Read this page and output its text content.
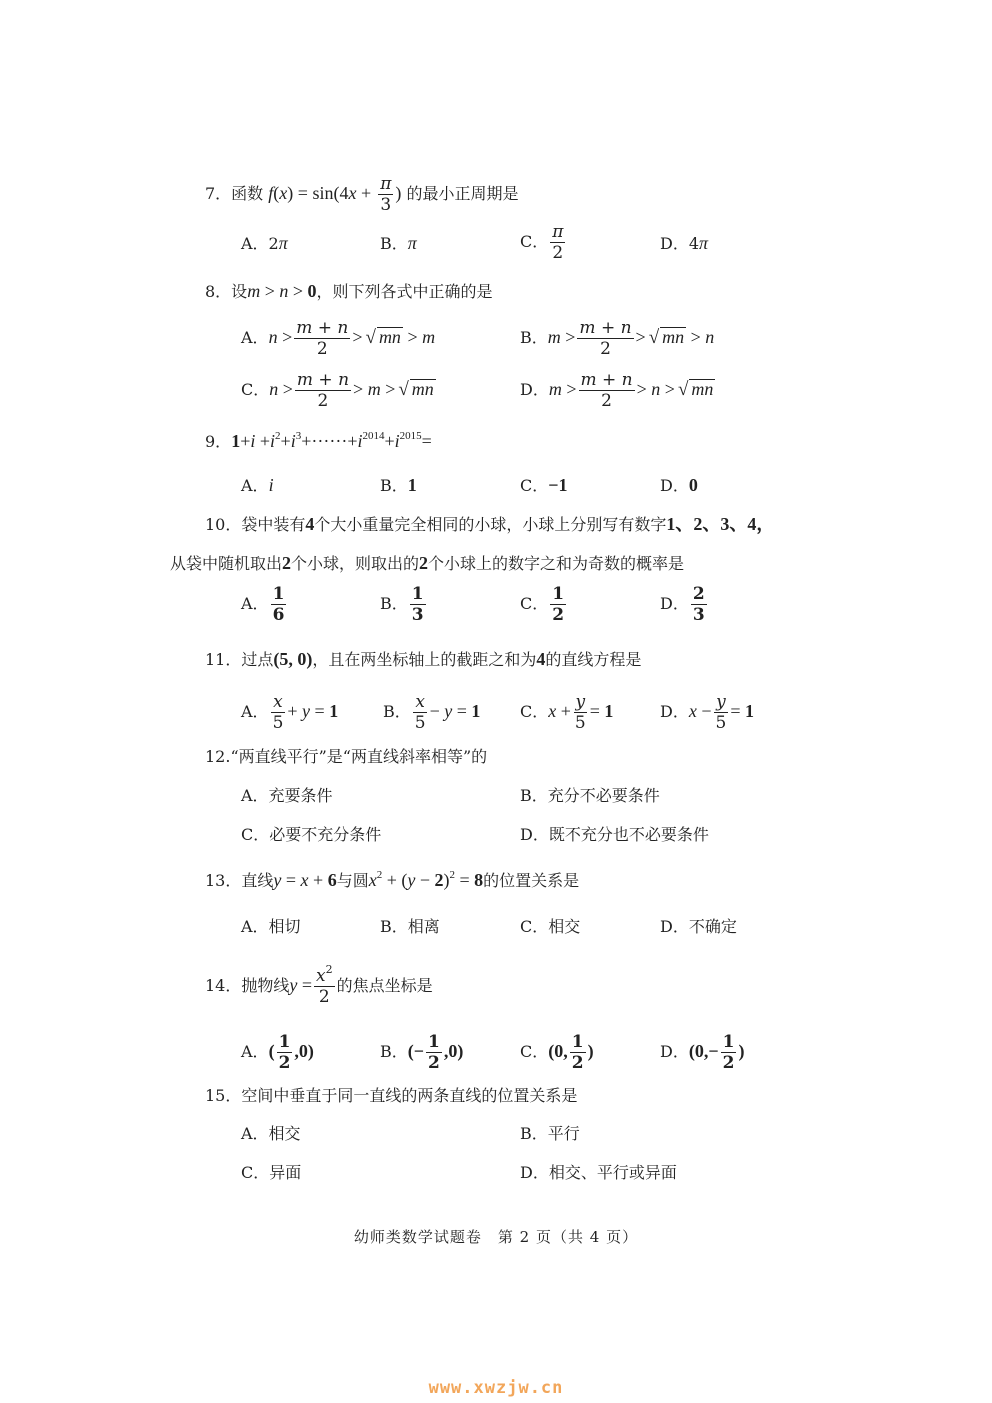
7．函数 $f(x) = \sin(4x + \frac{\pi}{3}$ ) 的最小正周期是
A．2π	B．π	C． $\frac{\pi}{2}$	D．4π
8．设m > n > 0，则下列各式中正确的是
A．$n > \frac{m + n}{2}$ > √ mn > m	B．$m > \frac{m + n}{2}$ > √ mn > n
C．$n > \frac{m + n}{2} > m$ > √ mn	D．$m > \frac{m + n}{2} > n$ > √ mn
9．$1+i +i^2+i^3+\cdot\cdot\cdot\cdot\cdot\cdot+i^{2014}+i^{2015}=$
A．i	B．1	C．−1	D．0
10．袋中装有4个大小重量完全相同的小球，小球上分别写有数字1、2、3、4，
从袋中随机取出2个小球，则取出的2个小球上的数字之和为奇数的概率是
A． $\frac{1}{6}$	B． $\frac{1}{3}$	C． $\frac{1}{2}$	D． $\frac{2}{3}$
11．过点(5, 0)，且在两坐标轴上的截距之和为4的直线方程是
A． $\frac{x}{5} + y = 1$	B． $\frac{x}{5} - y = 1$ C．$x + \frac{y}{5} = 1$	D．$x - \frac{y}{5} = 1$
12.“两直线平行”是“两直线斜率相等”的
A．充要条件	B．充分不必要条件
C．必要不充分条件	D．既不充分也不必要条件
13．直线y = x + 6与圆$x^2 + (y - 2)^2 = 8$的位置关系是
A．相切	B．相离	C．相交	D．不确定
14．抛物线$y = \frac{x^2}{2}$ 的焦点坐标是
A．( $\frac{1}{2} ,0$)	B．(− $\frac{1}{2} ,0$)	C．(0, $\frac{1}{2}$ )	D．($0,- \frac{1}{2}$ )
15．空间中垂直于同一直线的两条直线的位置关系是
A．相交	B．平行
C．异面	D．相交、平行或异面
幼师类数学试题卷　第 2 页（共 4 页）
www.xwzjw.cn
